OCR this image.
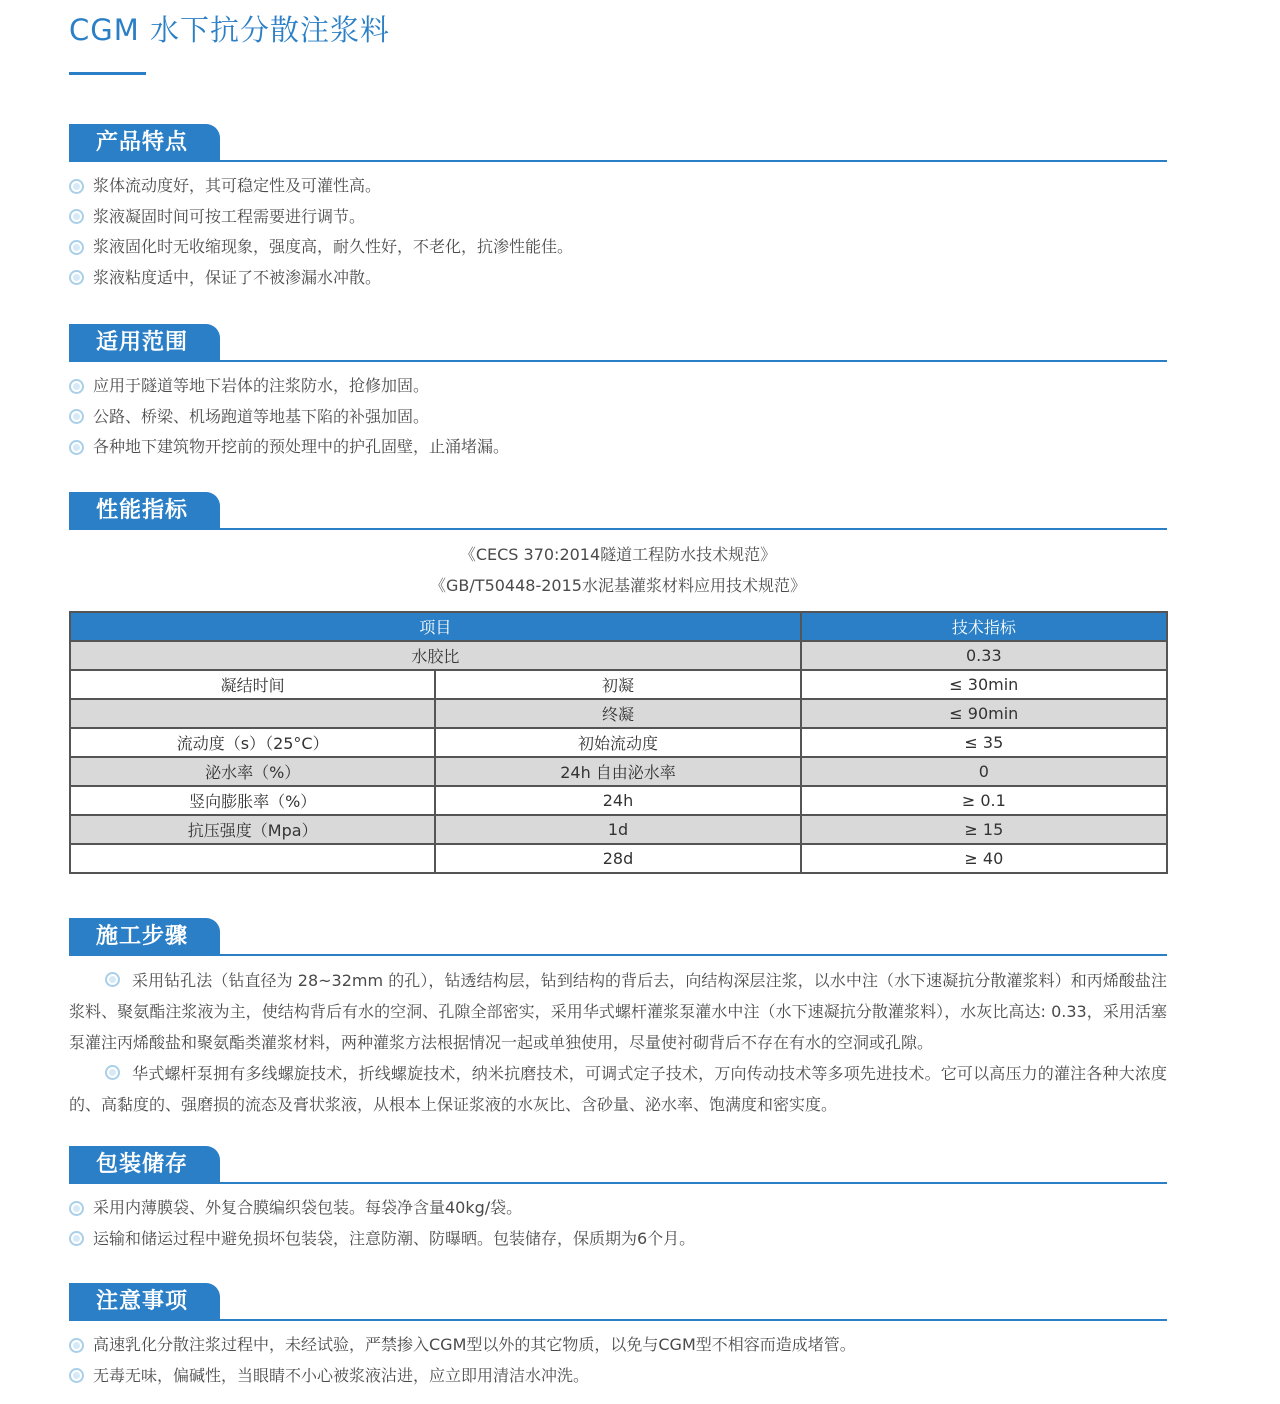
CGM 水下抗分散注浆料
产品特点
浆体流动度好，其可稳定性及可灌性高。
浆液凝固时间可按工程需要进行调节。
浆液固化时无收缩现象，强度高，耐久性好，不老化，抗渗性能佳。
浆液粘度适中，保证了不被渗漏水冲散。
适用范围
应用于隧道等地下岩体的注浆防水，抢修加固。
公路、桥梁、机场跑道等地基下陷的补强加固。
各种地下建筑物开挖前的预处理中的护孔固壁，止涌堵漏。
性能指标
《CECS 370:2014隧道工程防水技术规范》
《GB/T50448-2015水泥基灌浆材料应用技术规范》
项目		技术指标
水胶比		0.33
凝结时间	初凝	≤ 30min
	终凝	≤ 90min
流动度（s）（25°C）	初始流动度	≤ 35
泌水率（%）	24h 自由泌水率	0
竖向膨胀率（%）	24h	≥ 0.1
抗压强度（Mpa）	1d	≥ 15
	28d	≥ 40
施工步骤

采用钻孔法（钻直径为 28~32mm 的孔），钻透结构层，钻到结构的背后去，向结构深层注浆，以水中注（水下速凝抗分散灌浆料）和丙烯酸盐注浆料、聚氨酯注浆液为主，使结构背后有水的空洞、孔隙全部密实，采用华式螺杆灌浆泵灌水中注（水下速凝抗分散灌浆料），水灰比高达: 0.33，采用活塞泵灌注丙烯酸盐和聚氨酯类灌浆材料，两种灌浆方法根据情况一起或单独使用，尽量使衬砌背后不存在有水的空洞或孔隙。

华式螺杆泵拥有多线螺旋技术，折线螺旋技术，纳米抗磨技术，可调式定子技术，万向传动技术等多项先进技术。它可以高压力的灌注各种大浓度的、高黏度的、强磨损的流态及膏状浆液，从根本上保证浆液的水灰比、含砂量、泌水率、饱满度和密实度。

包装储存
采用内薄膜袋、外复合膜编织袋包装。每袋净含量40kg/袋。
运输和储运过程中避免损坏包装袋，注意防潮、防曝晒。包装储存，保质期为6个月。
注意事项
高速乳化分散注浆过程中，未经试验，严禁掺入CGM型以外的其它物质，以免与CGM型不相容而造成堵管。
无毒无味，偏碱性，当眼睛不小心被浆液沾进，应立即用清洁水冲洗。
